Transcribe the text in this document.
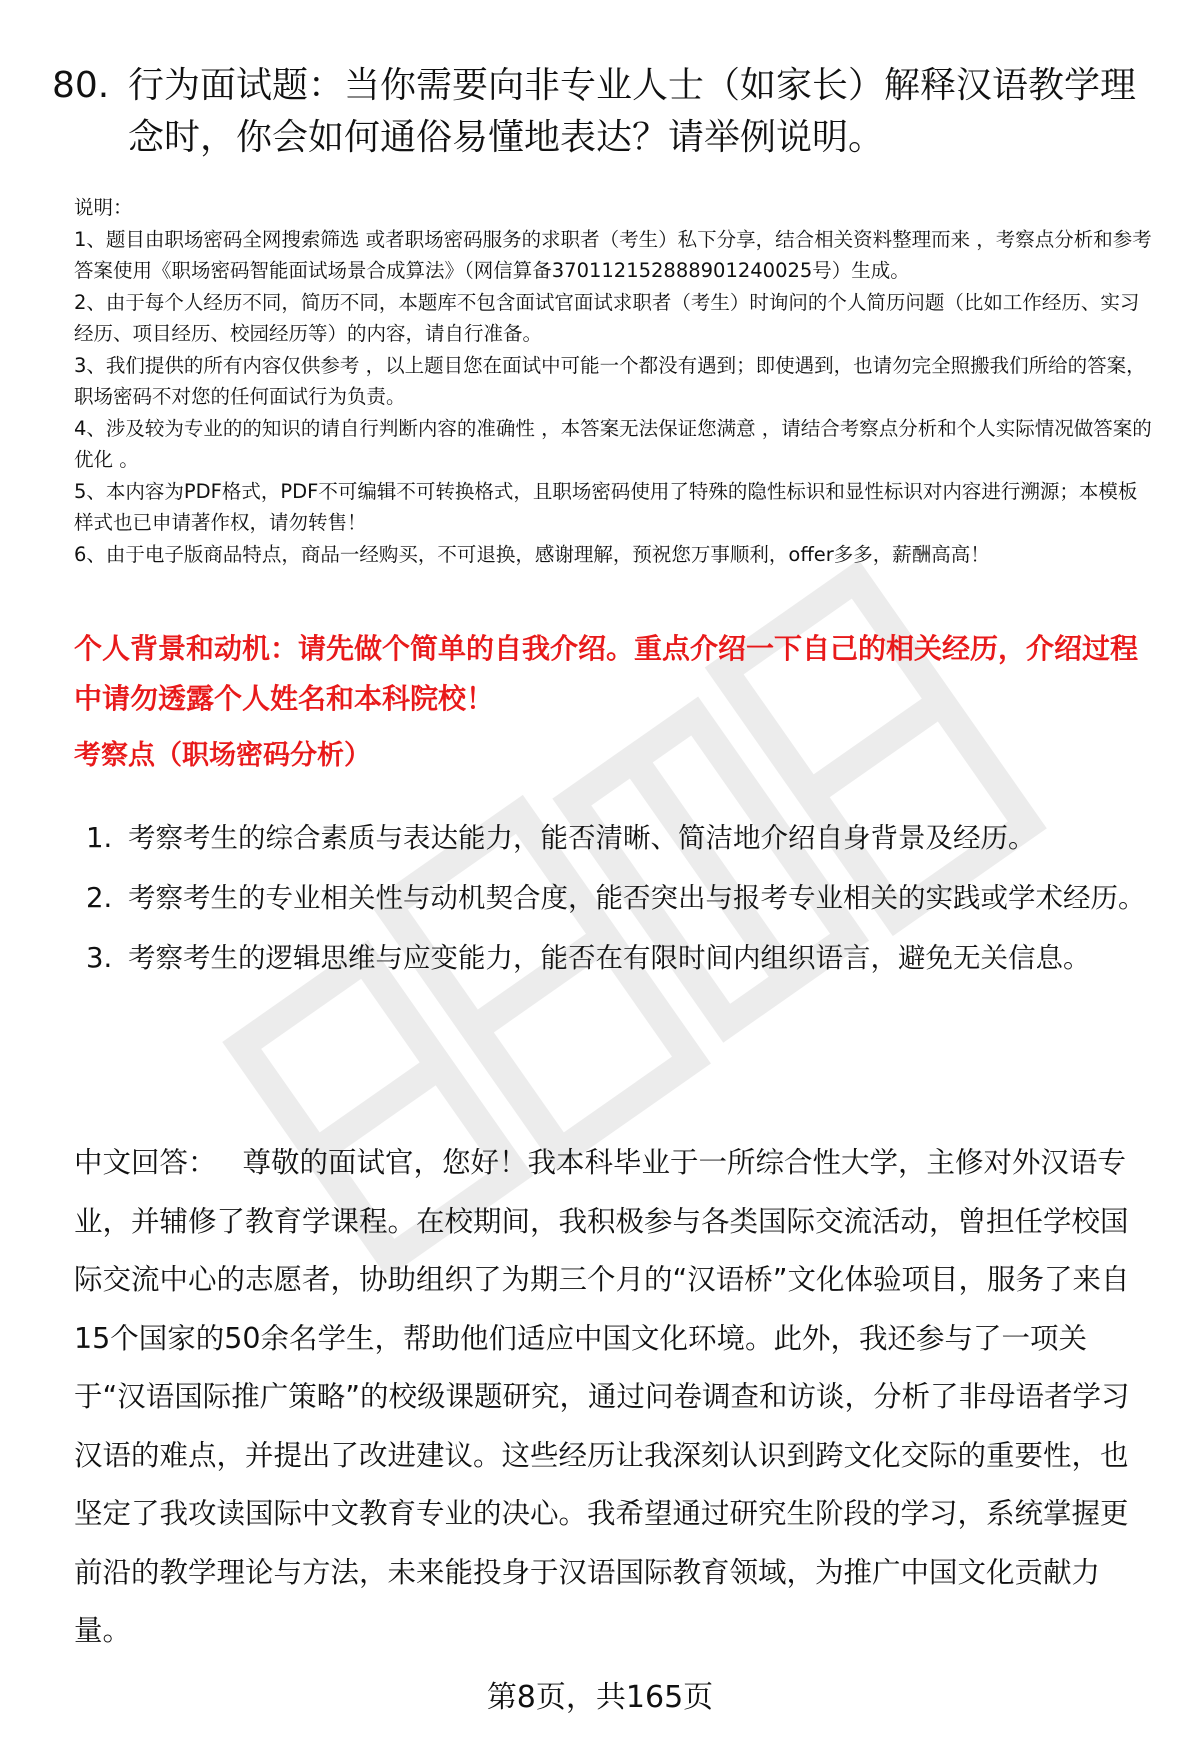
80. 行为面试题：当你需要向非专业人士（如家长）解释汉语教学理念时，你会如何通俗易懂地表达？请举例说明。

说明：

1、题目由职场密码全网搜索筛选 或者职场密码服务的求职者（考生）私下分享，结合相关资料整理而来 ，考察点分析和参考答案使用《职场密码智能面试场景合成算法》（网信算备370112152888901240025号）生成。

2、由于每个人经历不同，简历不同，本题库不包含面试官面试求职者（考生）时询问的个人简历问题（比如工作经历、实习经历、项目经历、校园经历等）的内容，请自行准备。

3、我们提供的所有内容仅供参考 ，以上题目您在面试中可能一个都没有遇到；即使遇到，也请勿完全照搬我们所给的答案，职场密码不对您的任何面试行为负责。

4、涉及较为专业的的知识的请自行判断内容的准确性 ，本答案无法保证您满意 ，请结合考察点分析和个人实际情况做答案的优化 。

5、本内容为PDF格式，PDF不可编辑不可转换格式，且职场密码使用了特殊的隐性标识和显性标识对内容进行溯源；本模板样式也已申请著作权，请勿转售！

6、由于电子版商品特点，商品一经购买，不可退换，感谢理解，预祝您万事顺利，offer多多，薪酬高高！

个人背景和动机：请先做个简单的自我介绍。重点介绍一下自己的相关经历，介绍过程中请勿透露个人姓名和本科院校！

考察点（职场密码分析）

1. 考察考生的综合素质与表达能力，能否清晰、简洁地介绍自身背景及经历。
2. 考察考生的专业相关性与动机契合度，能否突出与报考专业相关的实践或学术经历。
3. 考察考生的逻辑思维与应变能力，能否在有限时间内组织语言，避免无关信息。

中文回答： 尊敬的面试官，您好！我本科毕业于一所综合性大学，主修对外汉语专业，并辅修了教育学课程。在校期间，我积极参与各类国际交流活动，曾担任学校国际交流中心的志愿者，协助组织了为期三个月的“汉语桥”文化体验项目，服务了来自15个国家的50余名学生，帮助他们适应中国文化环境。此外，我还参与了一项关于“汉语国际推广策略”的校级课题研究，通过问卷调查和访谈，分析了非母语者学习汉语的难点，并提出了改进建议。这些经历让我深刻认识到跨文化交际的重要性，也坚定了我攻读国际中文教育专业的决心。我希望通过研究生阶段的学习，系统掌握更前沿的教学理论与方法，未来能投身于汉语国际教育领域，为推广中国文化贡献力量。

第8页，共165页
